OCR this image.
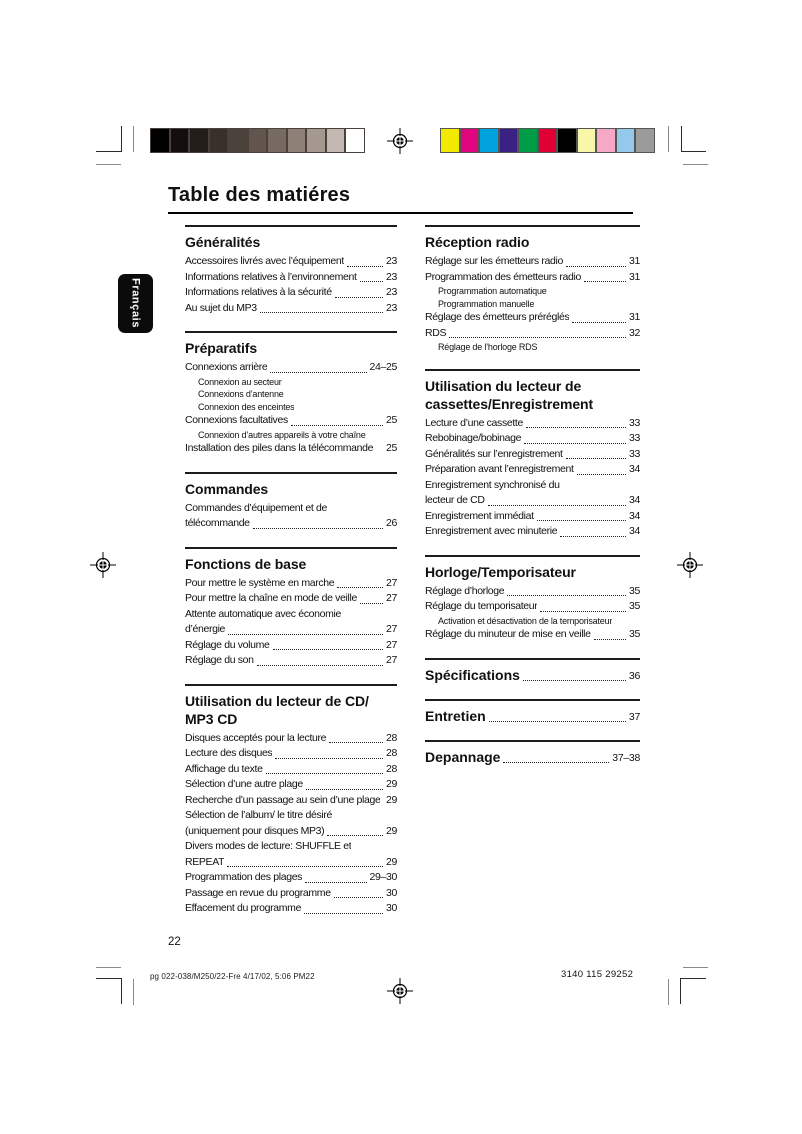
Table des matiéres
Français
Généralités
Accessoires livrés avec l’équipement	23
Informations relatives à l’environnement	23
Informations relatives à la sécurité	23
Au sujet du MP3	23
Préparatifs
Connexions arrière	24–25
Connexion au secteur
Connexions d’antenne
Connexion des enceintes
Connexions facultatives	25
Connexion d’autres appareils à votre chaîne
Installation des piles dans la télécommande 25
Commandes
Commandes d’équipement et de
télécommande	26
Fonctions de base
Pour mettre le système en marche	27
Pour mettre la chaîne en mode de veille	27
Attente automatique avec économie
d’énergie	27
Réglage du volume	27
Réglage du son	27
Utilisation du lecteur de CD/
MP3 CD
Disques acceptés pour la lecture	28
Lecture des disques	28
Affichage du texte	28
Sélection d’une autre plage	29
Recherche d’un passage au sein d’une plage 29
Sélection de l’album/ le titre désiré
(uniquement pour disques MP3)	29
Divers modes de lecture: SHUFFLE et
REPEAT	29
Programmation des plages	29–30
Passage en revue du programme	30
Effacement du programme	30
Réception radio
Réglage sur les émetteurs radio	31
Programmation des émetteurs radio	31
Programmation automatique
Programmation manuelle
Réglage des émetteurs préréglés	31
RDS	32
Réglage de l’horloge RDS
Utilisation du lecteur de
cassettes/Enregistrement
Lecture d’une cassette	33
Rebobinage/bobinage	33
Généralités sur l’enregistrement	33
Préparation avant l’enregistrement	34
Enregistrement synchronisé du
lecteur de CD	34
Enregistrement immédiat	34
Enregistrement avec minuterie	34
Horloge/Temporisateur
Réglage d’horloge	35
Réglage du temporisateur	35
Activation et désactivation de la temporisateur
Réglage du minuteur de mise en veille	35
Spécifications	36
Entretien	37
Depannage	37–38
22
pg 022-038/M250/22-Fre 4/17/02, 5:06 PM22	3140 115 29252
